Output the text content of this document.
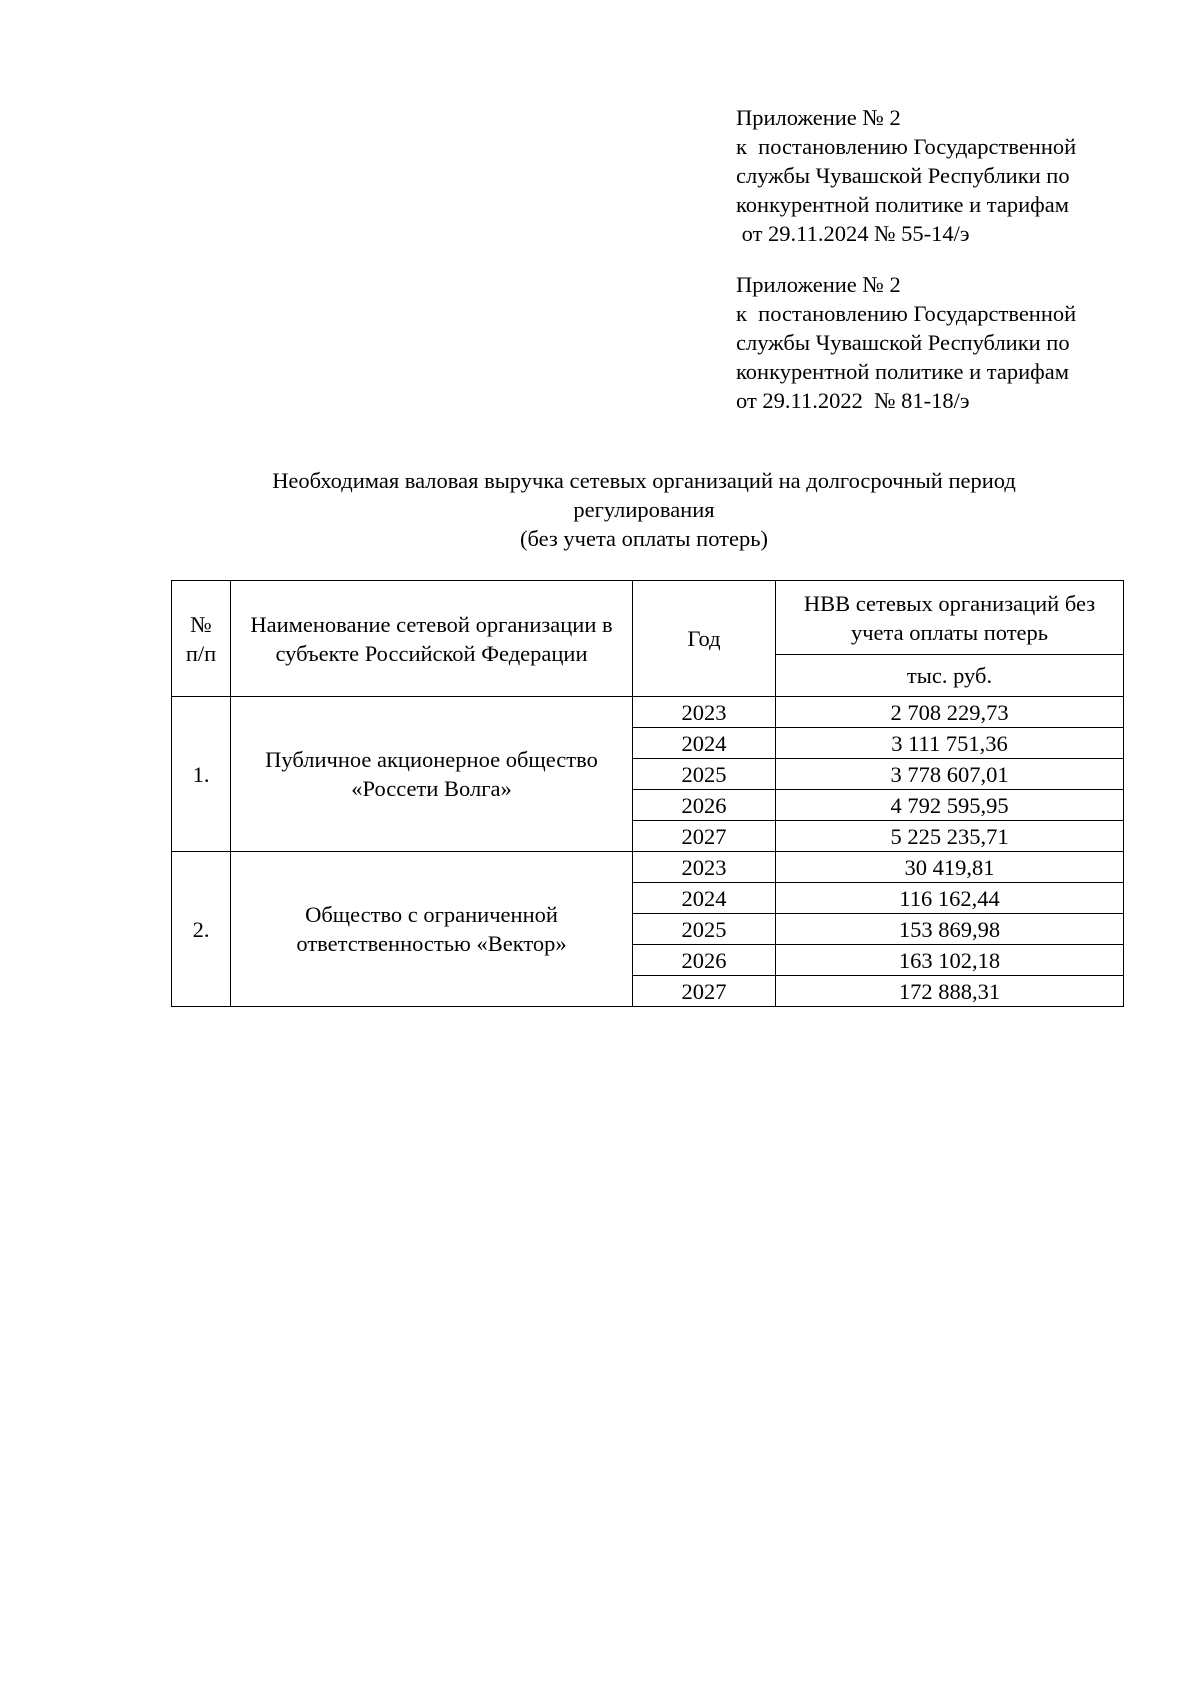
Приложение № 2
к  постановлению Государственной
службы Чувашской Республики по
конкурентной политике и тарифам
от 29.11.2024 № 55-14/э
Приложение № 2
к  постановлению Государственной
службы Чувашской Республики по
конкурентной политике и тарифам
от 29.11.2022  № 81-18/э
Необходимая валовая выручка сетевых организаций на долгосрочный период
регулирования
(без учета оплаты потерь)
№ п/п	Наименование сетевой организации в субъекте Российской Федерации	Год	НВВ сетевых организаций без учета оплаты потерь
			тыс. руб.
1.	Публичное акционерное общество «Россети Волга»	2023	2 708 229,73
		2024	3 111 751,36
		2025	3 778 607,01
		2026	4 792 595,95
		2027	5 225 235,71
2.	Общество с ограниченной ответственностью «Вектор»	2023	30 419,81
		2024	116 162,44
		2025	153 869,98
		2026	163 102,18
		2027	172 888,31
